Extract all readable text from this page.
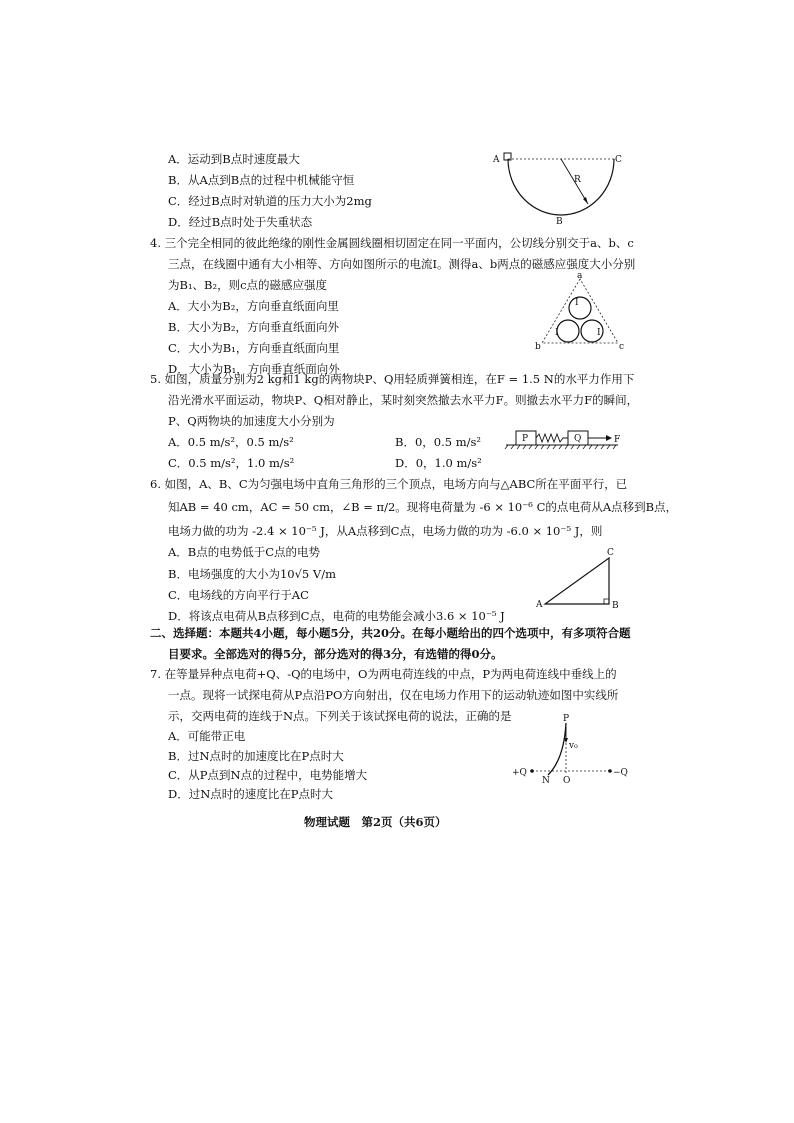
A．运动到B点时速度最大
B．从A点到B点的过程中机械能守恒
C．经过B点时对轨道的压力大小为2mg
D．经过B点时处于失重状态
A	C
R
B
4. 三个完全相同的彼此绝缘的刚性金属圆线圈相切固定在同一平面内，公切线分别交于a、b、c
三点，在线圈中通有大小相等、方向如图所示的电流I。测得a、b两点的磁感应强度大小分别
为B₁、B₂，则c点的磁感应强度
A．大小为B₂，方向垂直纸面向里
B．大小为B₂，方向垂直纸面向外
C．大小为B₁，方向垂直纸面向里
D．大小为B₁，方向垂直纸面向外
a
b	c
I
I	I
5. 如图，质量分别为2 kg和1 kg的两物块P、Q用轻质弹簧相连，在F = 1.5 N的水平力作用下
沿光滑水平面运动，物块P、Q相对静止，某时刻突然撤去水平力F。则撤去水平力F的瞬间，
P、Q两物块的加速度大小分别为
A．0.5 m/s²，0.5 m/s²	B．0，0.5 m/s²
C．0.5 m/s²，1.0 m/s²	D．0，1.0 m/s²
P	Q	F
6. 如图，A、B、C为匀强电场中直角三角形的三个顶点，电场方向与△ABC所在平面平行，已
知AB = 40 cm，AC = 50 cm，∠B = π/2。现将电荷量为 -6 × 10⁻⁶ C的点电荷从A点移到B点，
电场力做的功为 -2.4 × 10⁻⁵ J，从A点移到C点，电场力做的功为 -6.0 × 10⁻⁵ J，则
A．B点的电势低于C点的电势
B．电场强度的大小为10√5 V/m
C．电场线的方向平行于AC
D．将该点电荷从B点移到C点，电荷的电势能会减小3.6 × 10⁻⁵ J
A	B
C
二、选择题：本题共4小题，每小题5分，共20分。在每小题给出的四个选项中，有多项符合题
目要求。全部选对的得5分，部分选对的得3分，有选错的得0分。
7. 在等量异种点电荷+Q、-Q的电场中，O为两电荷连线的中点，P为两电荷连线中垂线上的
一点。现将一试探电荷从P点沿PO方向射出，仅在电场力作用下的运动轨迹如图中实线所
示，交两电荷的连线于N点。下列关于该试探电荷的说法，正确的是
A．可能带正电
B．过N点时的加速度比在P点时大
C．从P点到N点的过程中，电势能增大
D．过N点时的速度比在P点时大
P
v₀
+Q	−Q
N O
物理试题　第2页（共6页）
